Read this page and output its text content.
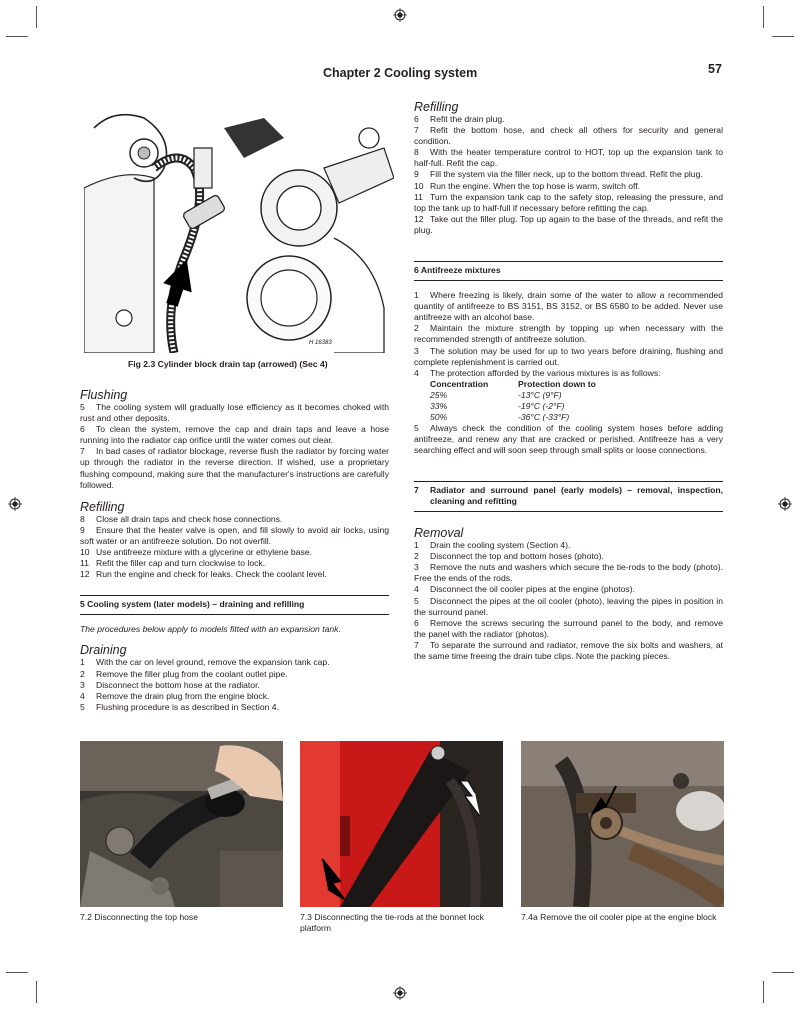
Chapter 2 Cooling system	57
H 16383
Fig 2.3 Cylinder block drain tap (arrowed) (Sec 4)

Flushing

5 The cooling system will gradually lose efficiency as it becomes choked with rust and other deposits.

6 To clean the system, remove the cap and drain taps and leave a hose running into the radiator cap orifice until the water comes out clear.

7 In bad cases of radiator blockage, reverse flush the radiator by forcing water up through the radiator in the reverse direction. If wished, use a proprietary flushing compound, making sure that the manufacturer's instructions are carefully followed.

Refilling

8 Close all drain taps and check hose connections.

9 Ensure that the heater valve is open, and fill slowly to avoid air locks, using soft water or an antifreeze solution. Do not overfill.

10 Use antifreeze mixture with a glycerine or ethylene base.

11 Refit the filler cap and turn clockwise to lock.

12 Run the engine and check for leaks. Check the coolant level.

5 Cooling system (later models) – draining and refilling

The procedures below apply to models fitted with an expansion tank.

Draining

1 With the car on level ground, remove the expansion tank cap.

2 Remove the filler plug from the coolant outlet pipe.

3 Disconnect the bottom hose at the radiator.

4 Remove the drain plug from the engine block.

5 Flushing procedure is as described in Section 4.

Refilling

6 Refit the drain plug.

7 Refit the bottom hose, and check all others for security and general condition.

8 With the heater temperature control to HOT, top up the expansion tank to half-full. Refit the cap.

9 Fill the system via the filler neck, up to the bottom thread. Refit the plug.

10 Run the engine. When the top hose is warm, switch off.

11 Turn the expansion tank cap to the safety stop, releasing the pressure, and top the tank up to half-full if necessary before refitting the cap.

12 Take out the filler plug. Top up again to the base of the threads, and refit the plug.

6 Antifreeze mixtures

1 Where freezing is likely, drain some of the water to allow a recommended quantity of antifreeze to BS 3151, BS 3152, or BS 6580 to be added. Never use antifreeze with an alcohol base.

2 Maintain the mixture strength by topping up when necessary with the recommended strength of antifreeze solution.

3 The solution may be used for up to two years before draining, flushing and complete replenishment is carried out.

4 The protection afforded by the various mixtures is as follows:

Concentration	Protection down to
25%	-13°C (9°F)
33%	-19°C (-2°F)
50%	-36°C (-33°F)

5 Always check the condition of the cooling system hoses before adding antifreeze, and renew any that are cracked or perished. Antifreeze has a very searching effect and will soon seep through small splits or loose connections.

7	Radiator and surround panel (early models) – removal, inspection, cleaning and refitting

Removal

1 Drain the cooling system (Section 4).

2 Disconnect the top and bottom hoses (photo).

3 Remove the nuts and washers which secure the tie-rods to the body (photo). Free the ends of the rods.

4 Disconnect the oil cooler pipes at the engine (photos).

5 Disconnect the pipes at the oil cooler (photo), leaving the pipes in position in the surround panel.

6 Remove the screws securing the surround panel to the body, and remove the panel with the radiator (photos).

7 To separate the surround and radiator, remove the six bolts and washers, at the same time freeing the drain tube clips. Note the packing pieces.

7.2 Disconnecting the top hose	7.3 Disconnecting the tie-rods at the bonnet lock platform
7.4a Remove the oil cooler pipe at the engine block
